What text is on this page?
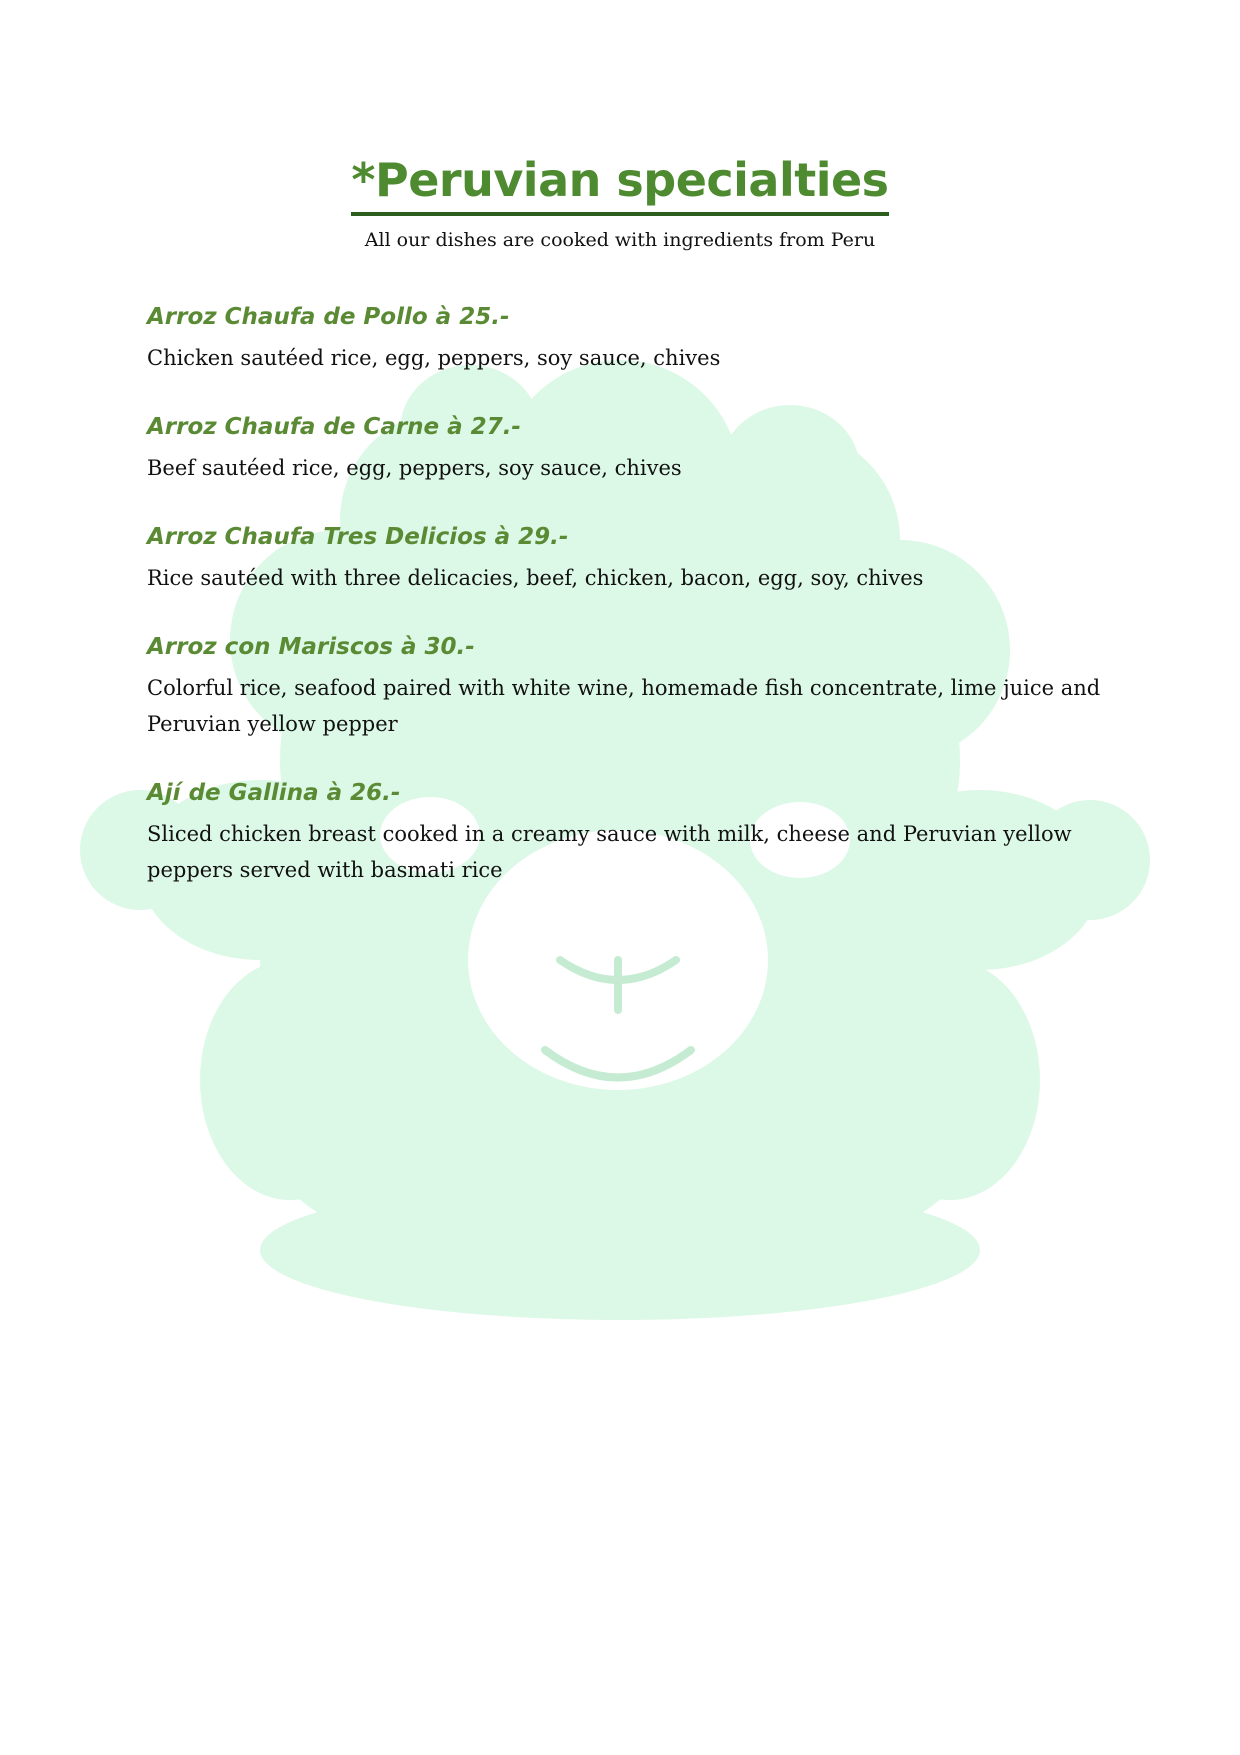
*Peruvian specialties
All our dishes are cooked with ingredients from Peru
Arroz Chaufa de Pollo à 25.-
Chicken sautéed rice, egg, peppers, soy sauce, chives
Arroz Chaufa de Carne à 27.-
Beef sautéed rice, egg, peppers, soy sauce, chives
Arroz Chaufa Tres Delicios à 29.-
Rice sautéed with three delicacies, beef, chicken, bacon, egg, soy, chives
Arroz con Mariscos à 30.-
Colorful rice, seafood paired with white wine, homemade fish concentrate, lime juice and Peruvian yellow pepper
Ají de Gallina à 26.-
Sliced chicken breast cooked in a creamy sauce with milk, cheese and Peruvian yellow peppers served with basmati rice
